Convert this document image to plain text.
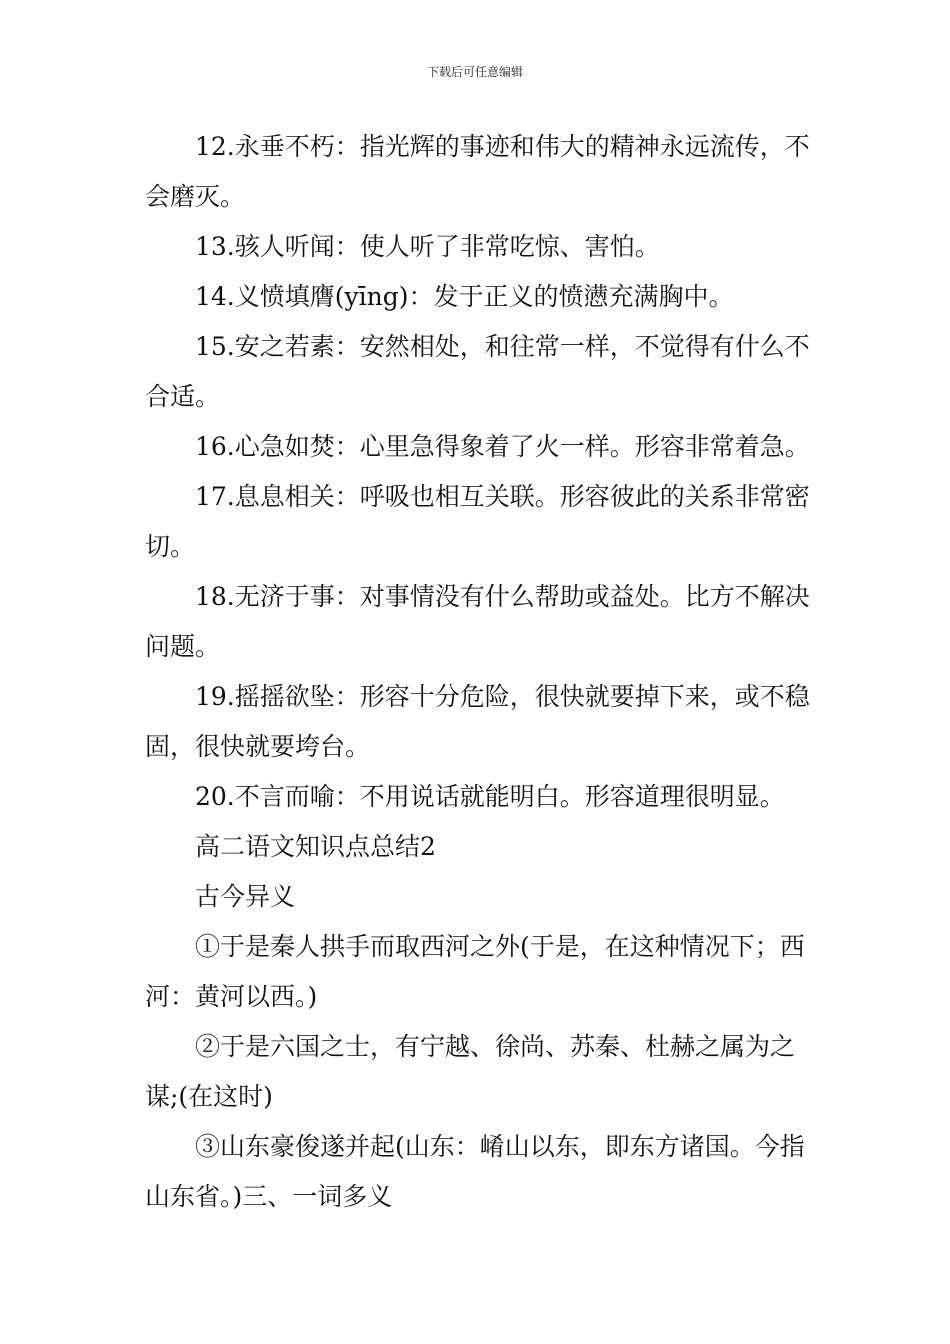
下载后可任意编辑

12.永垂不朽：指光辉的事迹和伟大的精神永远流传，不会磨灭。

13.骇人听闻：使人听了非常吃惊、害怕。

14.义愤填膺(yīng)：发于正义的愤懑充满胸中。

15.安之若素：安然相处，和往常一样，不觉得有什么不合适。

16.心急如焚：心里急得象着了火一样。形容非常着急。

17.息息相关：呼吸也相互关联。形容彼此的关系非常密切。

18.无济于事：对事情没有什么帮助或益处。比方不解决问题。

19.摇摇欲坠：形容十分危险，很快就要掉下来，或不稳固，很快就要垮台。

20.不言而喻：不用说话就能明白。形容道理很明显。

高二语文知识点总结2

古今异义

①于是秦人拱手而取西河之外(于是，在这种情况下；西河：黄河以西。)

②于是六国之士，有宁越、徐尚、苏秦、杜赫之属为之谋;(在这时)

③山东豪俊遂并起(山东：崤山以东，即东方诸国。今指山东省。)三、一词多义
